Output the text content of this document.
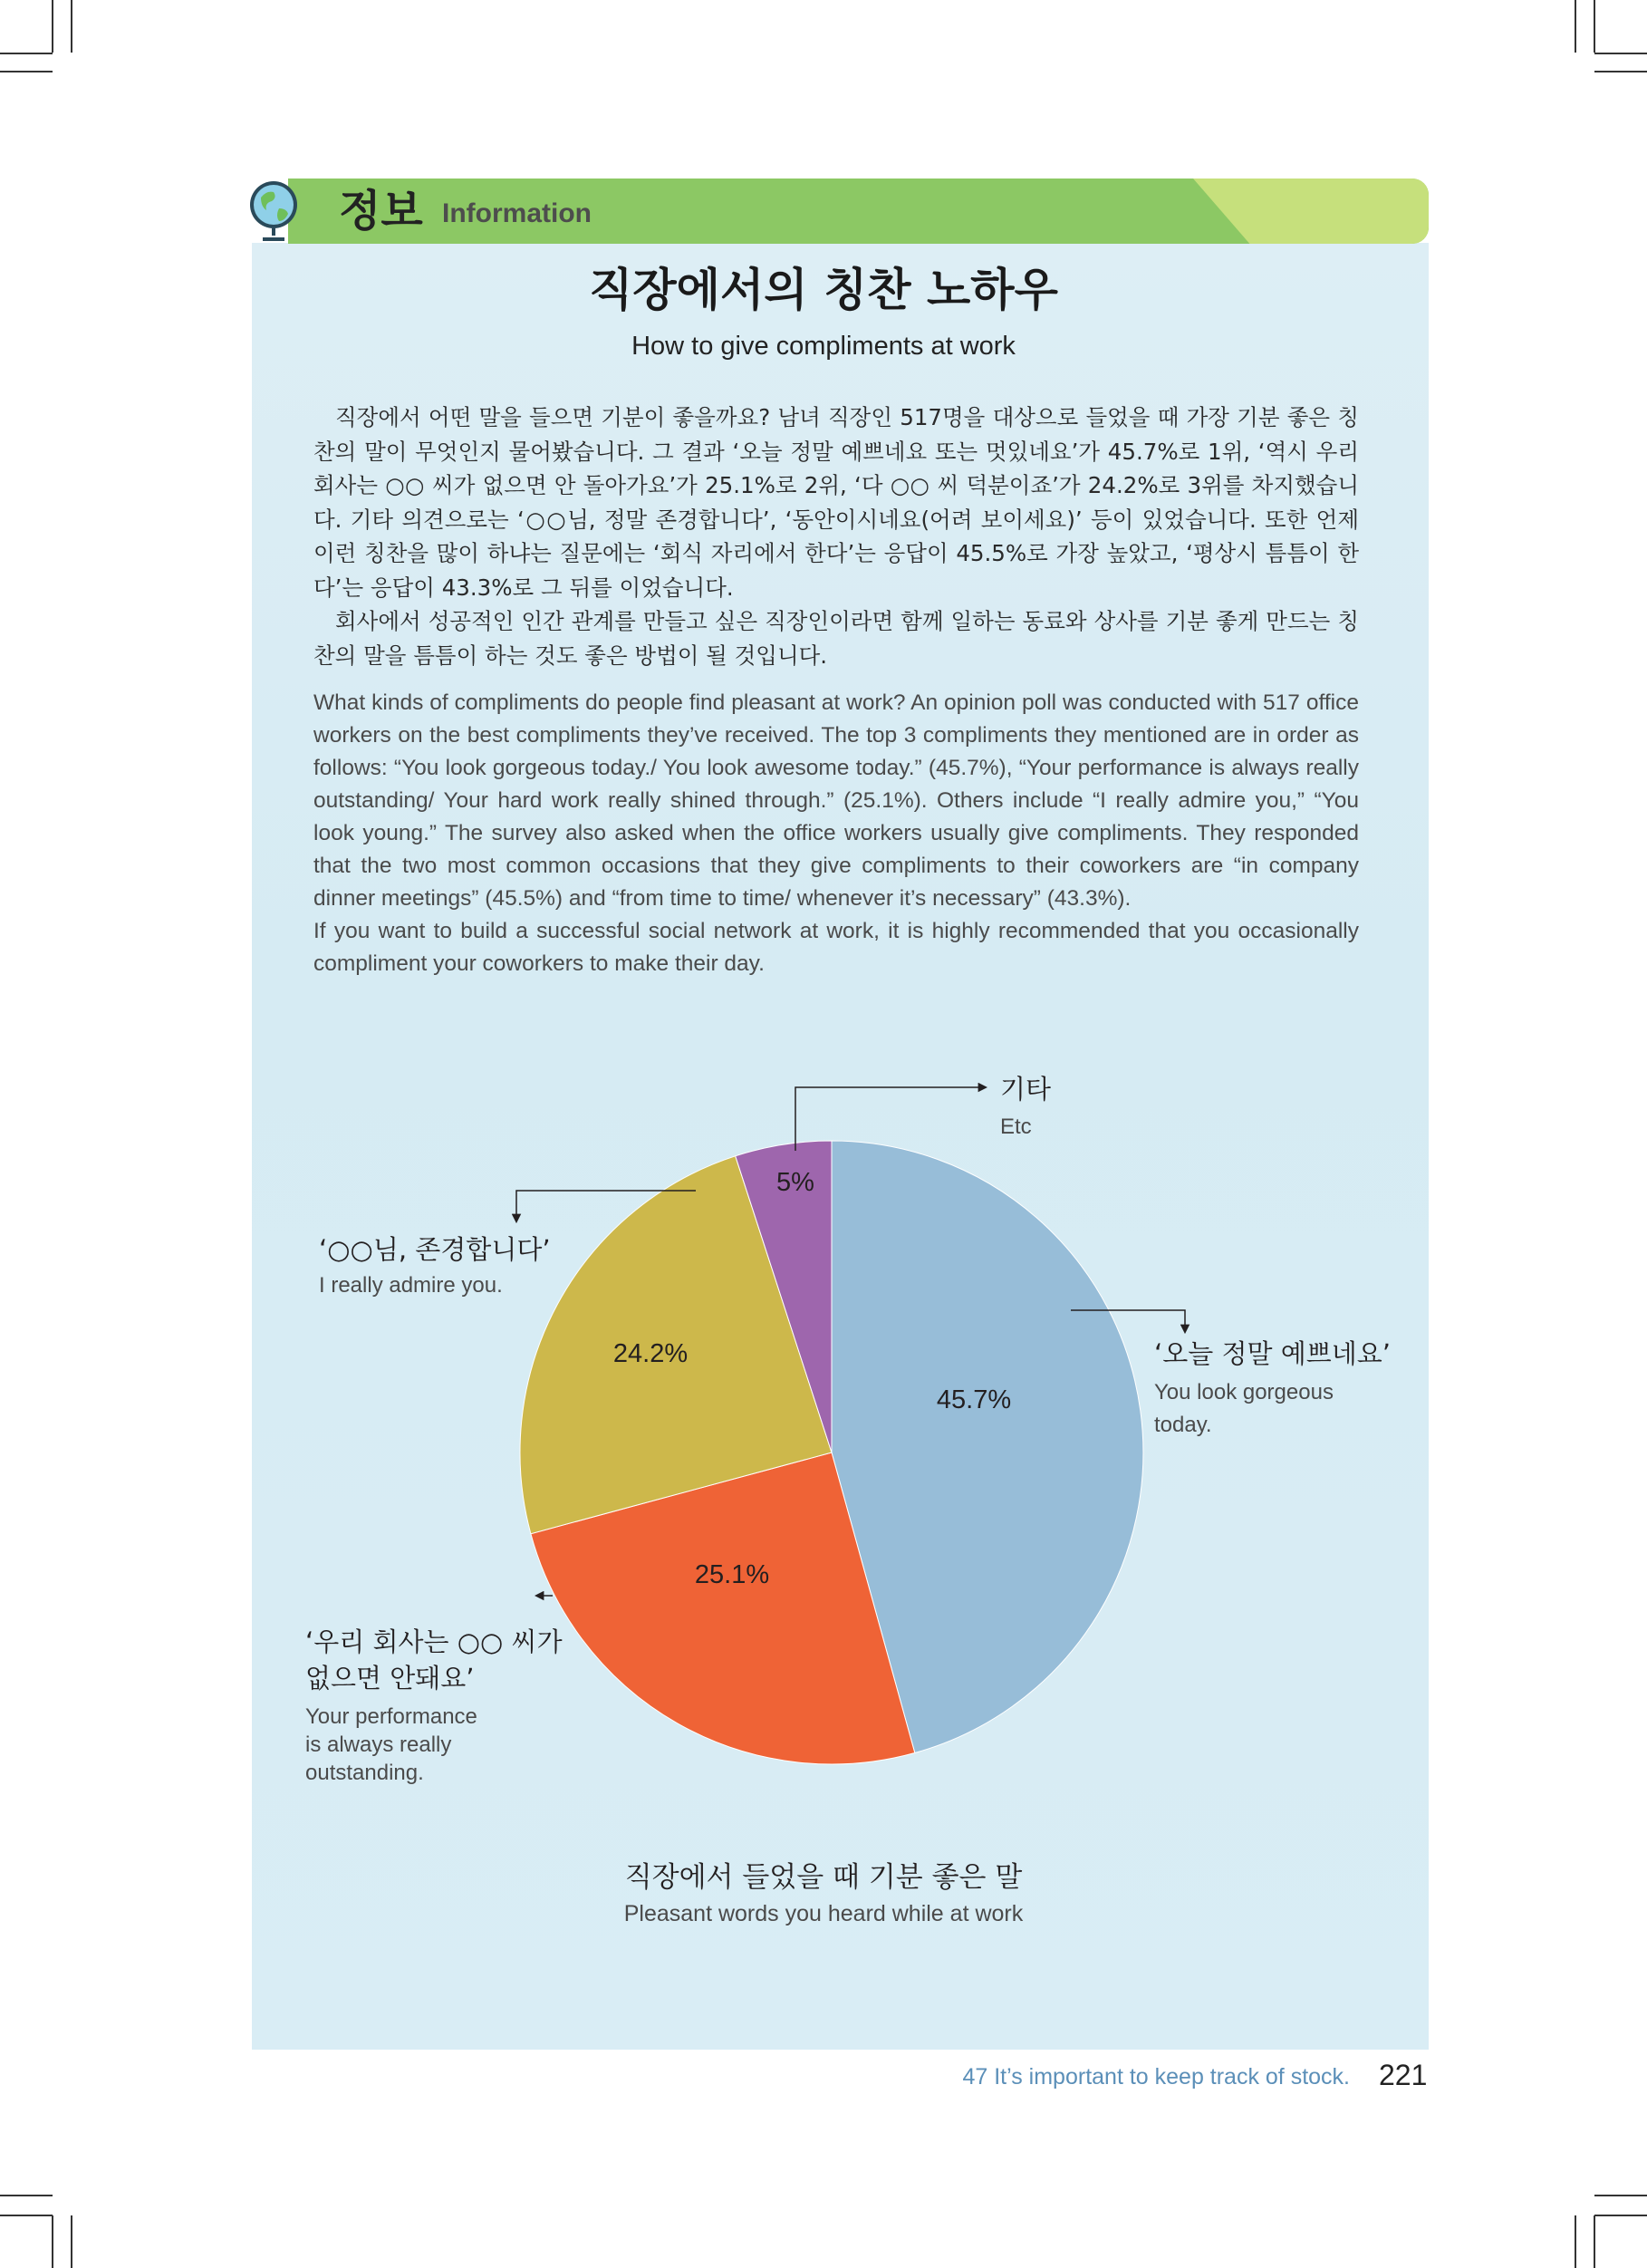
정보 Information
직장에서의 칭찬 노하우
How to give compliments at work

직장에서 어떤 말을 들으면 기분이 좋을까요? 남녀 직장인 517명을 대상으로 들었을 때 가장 기분 좋은 칭찬의 말이 무엇인지 물어봤습니다. 그 결과 ‘오늘 정말 예쁘네요 또는 멋있네요’가 45.7%로 1위, ‘역시 우리 회사는 ○○ 씨가 없으면 안 돌아가요’가 25.1%로 2위, ‘다 ○○ 씨 덕분이죠’가 24.2%로 3위를 차지했습니다. 기타 의견으로는 ‘○○님, 정말 존경합니다’, ‘동안이시네요(어려 보이세요)’ 등이 있었습니다. 또한 언제 이런 칭찬을 많이 하냐는 질문에는 ‘회식 자리에서 한다’는 응답이 45.5%로 가장 높았고, ‘평상시 틈틈이 한다’는 응답이 43.3%로 그 뒤를 이었습니다.

회사에서 성공적인 인간 관계를 만들고 싶은 직장인이라면 함께 일하는 동료와 상사를 기분 좋게 만드는 칭찬의 말을 틈틈이 하는 것도 좋은 방법이 될 것입니다.

What kinds of compliments do people find pleasant at work? An opinion poll was conducted with 517 office workers on the best compliments they’ve received. The top 3 compliments they mentioned are in order as follows: “You look gorgeous today./ You look awesome today.” (45.7%), “Your performance is always really outstanding/ Your hard work really shined through.” (25.1%). Others include “I really admire you,” “You look young.” The survey also asked when the office workers usually give compliments. They responded that the two most common occasions that they give compliments to their coworkers are “in company dinner meetings” (45.5%) and “from time to time/ whenever it’s necessary” (43.3%).

If you want to build a successful social network at work, it is highly recommended that you occasionally compliment your coworkers to make their day.

45.7%
25.1%
24.2%
5%
기타
Etc
‘○○님, 존경합니다’
I really admire you.
‘오늘 정말 예쁘네요’
You look gorgeous
today.
‘우리 회사는 ○○ 씨가
없으면 안돼요’
Your performance
is always really
outstanding.
직장에서 들었을 때 기분 좋은 말
Pleasant words you heard while at work
47 It’s important to keep track of stock. 221
